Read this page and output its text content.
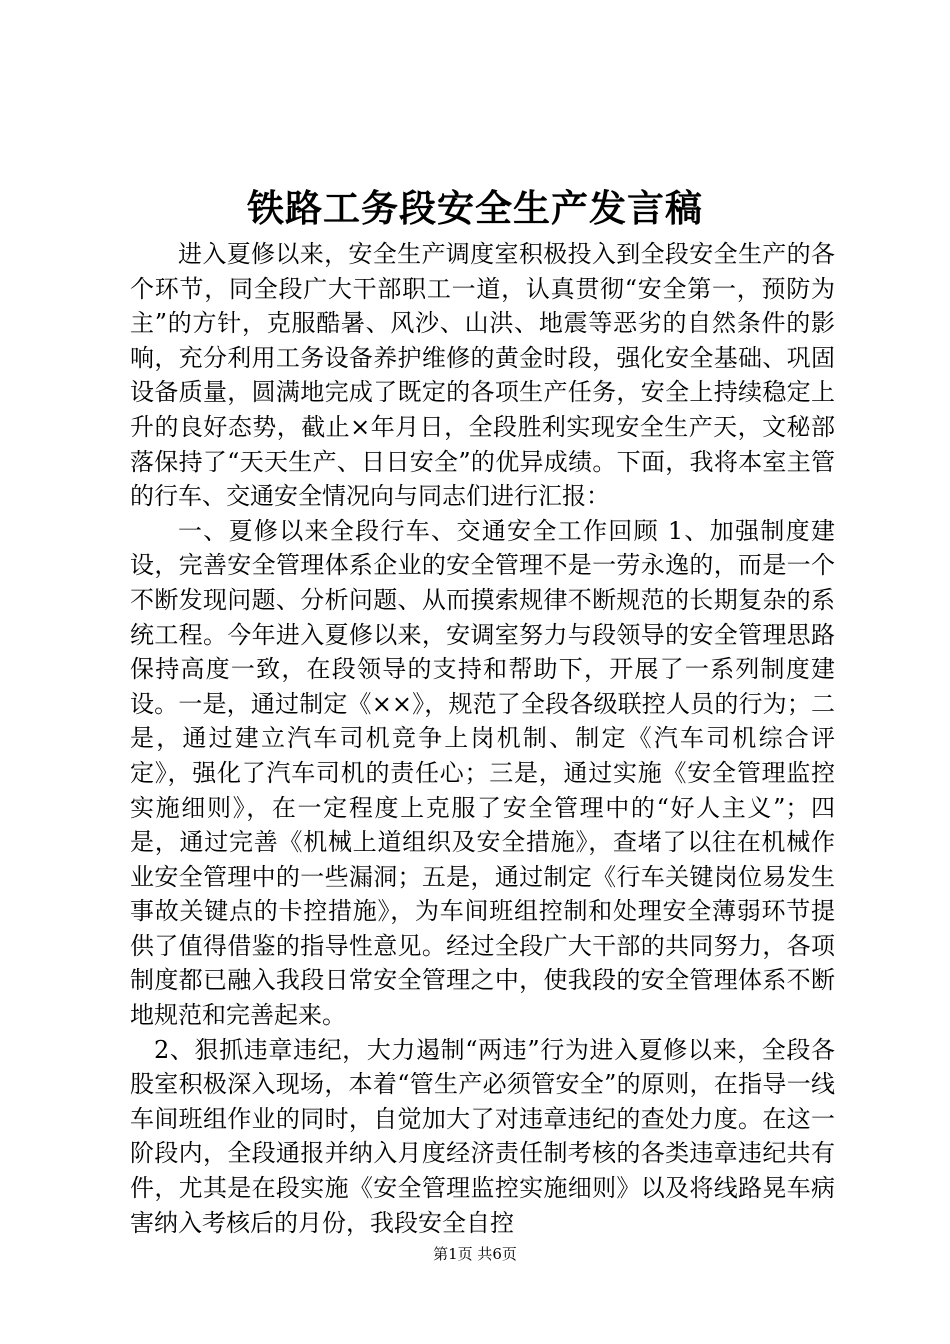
铁路工务段安全生产发言稿

进入夏修以来，安全生产调度室积极投入到全段安全生产的各个环节，同全段广大干部职工一道，认真贯彻“安全第一，预防为主”的方针，克服酷暑、风沙、山洪、地震等恶劣的自然条件的影响，充分利用工务设备养护维修的黄金时段，强化安全基础、巩固设备质量，圆满地完成了既定的各项生产任务，安全上持续稳定上升的良好态势，截止×年月日，全段胜利实现安全生产天，文秘部落保持了“天天生产、日日安全”的优异成绩。下面，我将本室主管的行车、交通安全情况向与同志们进行汇报：

一、夏修以来全段行车、交通安全工作回顾 1、加强制度建设，完善安全管理体系企业的安全管理不是一劳永逸的，而是一个不断发现问题、分析问题、从而摸索规律不断规范的长期复杂的系统工程。今年进入夏修以来，安调室努力与段领导的安全管理思路保持高度一致，在段领导的支持和帮助下，开展了一系列制度建设。一是，通过制定《××》，规范了全段各级联控人员的行为；二是，通过建立汽车司机竞争上岗机制、制定《汽车司机综合评定》，强化了汽车司机的责任心；三是，通过实施《安全管理监控实施细则》，在一定程度上克服了安全管理中的“好人主义”；四是，通过完善《机械上道组织及安全措施》，查堵了以往在机械作业安全管理中的一些漏洞；五是，通过制定《行车关键岗位易发生事故关键点的卡控措施》，为车间班组控制和处理安全薄弱环节提供了值得借鉴的指导性意见。经过全段广大干部的共同努力，各项制度都已融入我段日常安全管理之中，使我段的安全管理体系不断地规范和完善起来。

2、狠抓违章违纪，大力遏制“两违”行为进入夏修以来，全段各股室积极深入现场，本着“管生产必须管安全”的原则，在指导一线车间班组作业的同时，自觉加大了对违章违纪的查处力度。在这一阶段内，全段通报并纳入月度经济责任制考核的各类违章违纪共有件，尤其是在段实施《安全管理监控实施细则》以及将线路晃车病害纳入考核后的月份，我段安全自控

第1页 共6页
